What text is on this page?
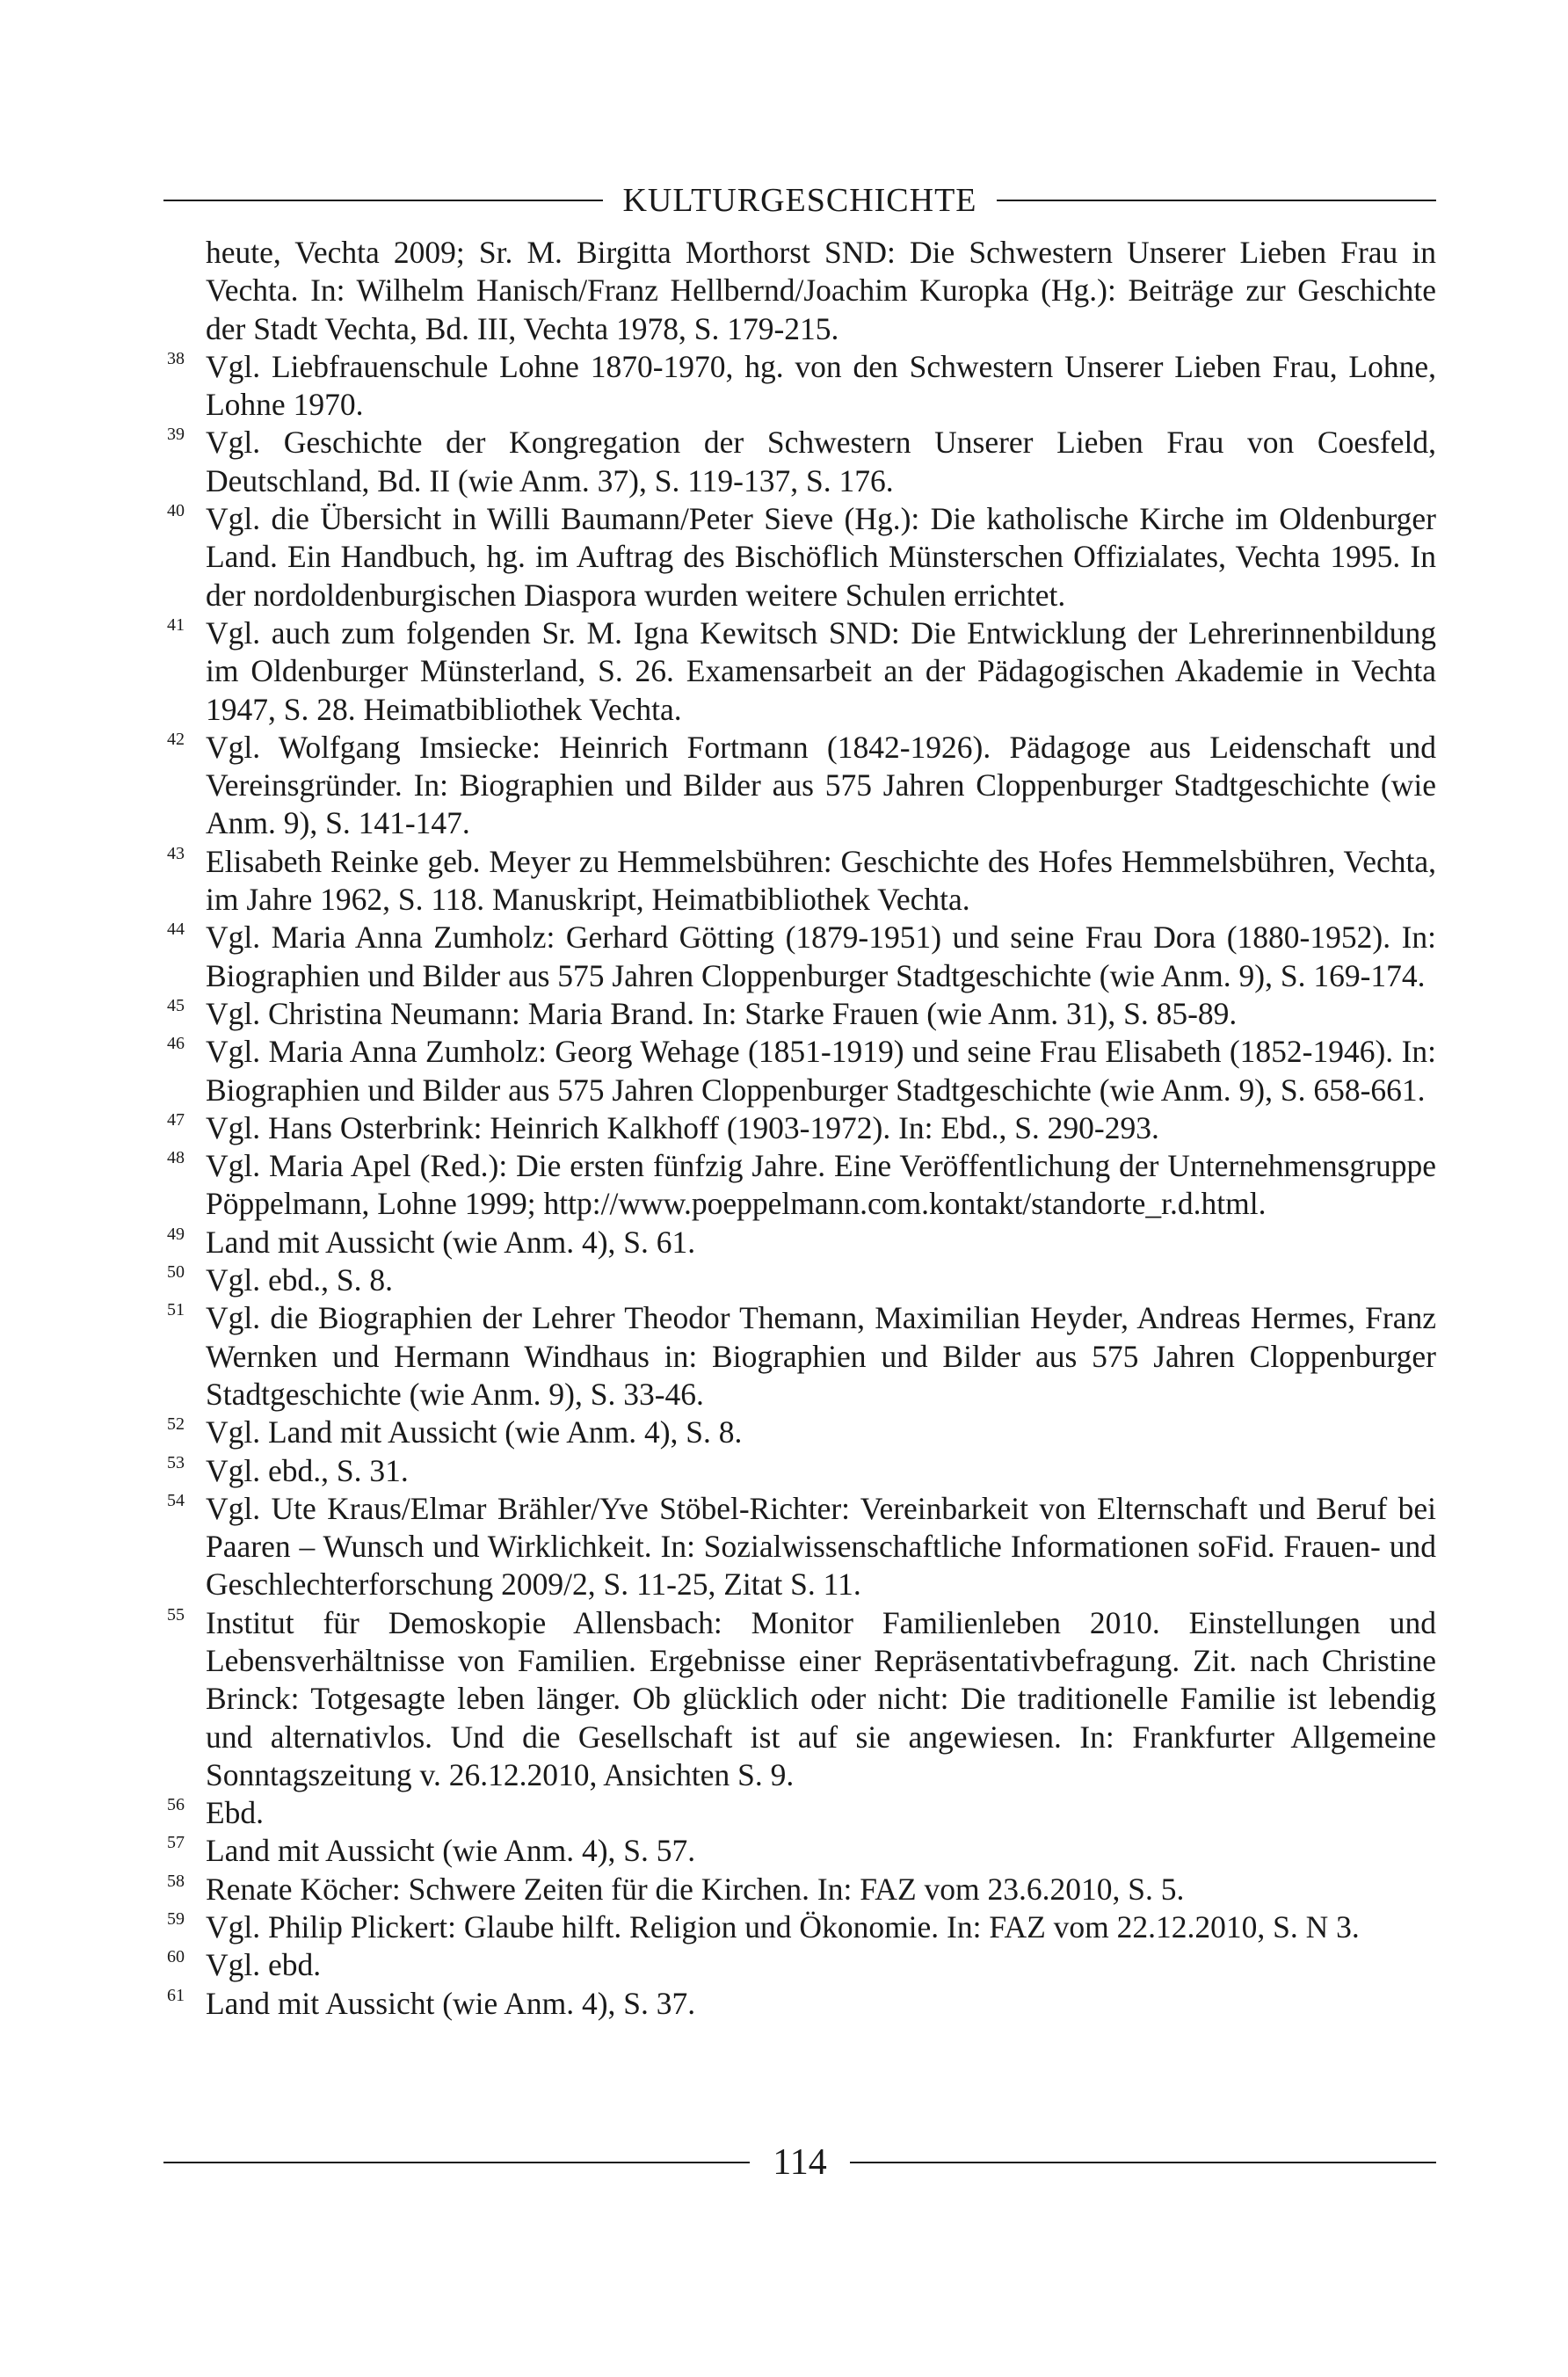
KULTURGESCHICHTE
heute, Vechta 2009; Sr. M. Birgitta Morthorst SND: Die Schwestern Unserer Lieben Frau in Vechta. In: Wilhelm Hanisch/Franz Hellbernd/Joachim Kuropka (Hg.): Beiträge zur Geschichte der Stadt Vechta, Bd. III, Vechta 1978, S. 179-215.
38 Vgl. Liebfrauenschule Lohne 1870-1970, hg. von den Schwestern Unserer Lieben Frau, Lohne, Lohne 1970.
39 Vgl. Geschichte der Kongregation der Schwestern Unserer Lieben Frau von Coesfeld, Deutschland, Bd. II (wie Anm. 37), S. 119-137, S. 176.
40 Vgl. die Übersicht in Willi Baumann/Peter Sieve (Hg.): Die katholische Kirche im Oldenburger Land. Ein Handbuch, hg. im Auftrag des Bischöflich Münsterschen Offizialates, Vechta 1995. In der nordoldenburgischen Diaspora wurden weitere Schulen errichtet.
41 Vgl. auch zum folgenden Sr. M. Igna Kewitsch SND: Die Entwicklung der Lehrerinnenbildung im Oldenburger Münsterland, S. 26. Examensarbeit an der Pädagogischen Akademie in Vechta 1947, S. 28. Heimatbibliothek Vechta.
42 Vgl. Wolfgang Imsiecke: Heinrich Fortmann (1842-1926). Pädagoge aus Leidenschaft und Vereinsgründer. In: Biographien und Bilder aus 575 Jahren Cloppenburger Stadtgeschichte (wie Anm. 9), S. 141-147.
43 Elisabeth Reinke geb. Meyer zu Hemmelsbühren: Geschichte des Hofes Hemmelsbühren, Vechta, im Jahre 1962, S. 118. Manuskript, Heimatbibliothek Vechta.
44 Vgl. Maria Anna Zumholz: Gerhard Götting (1879-1951) und seine Frau Dora (1880-1952). In: Biographien und Bilder aus 575 Jahren Cloppenburger Stadtgeschichte (wie Anm. 9), S. 169-174.
45 Vgl. Christina Neumann: Maria Brand. In: Starke Frauen (wie Anm. 31), S. 85-89.
46 Vgl. Maria Anna Zumholz: Georg Wehage (1851-1919) und seine Frau Elisabeth (1852-1946). In: Biographien und Bilder aus 575 Jahren Cloppenburger Stadtgeschichte (wie Anm. 9), S. 658-661.
47 Vgl. Hans Osterbrink: Heinrich Kalkhoff (1903-1972). In: Ebd., S. 290-293.
48 Vgl. Maria Apel (Red.): Die ersten fünfzig Jahre. Eine Veröffentlichung der Unternehmensgruppe Pöppelmann, Lohne 1999; http://www.poeppelmann.com.kontakt/standorte_r.d.html.
49 Land mit Aussicht (wie Anm. 4), S. 61.
50 Vgl. ebd., S. 8.
51 Vgl. die Biographien der Lehrer Theodor Themann, Maximilian Heyder, Andreas Hermes, Franz Wernken und Hermann Windhaus in: Biographien und Bilder aus 575 Jahren Cloppenburger Stadtgeschichte (wie Anm. 9), S. 33-46.
52 Vgl. Land mit Aussicht (wie Anm. 4), S. 8.
53 Vgl. ebd., S. 31.
54 Vgl. Ute Kraus/Elmar Brähler/Yve Stöbel-Richter: Vereinbarkeit von Elternschaft und Beruf bei Paaren – Wunsch und Wirklichkeit. In: Sozialwissenschaftliche Informationen soFid. Frauen- und Geschlechterforschung 2009/2, S. 11-25, Zitat S. 11.
55 Institut für Demoskopie Allensbach: Monitor Familienleben 2010. Einstellungen und Lebensverhältnisse von Familien. Ergebnisse einer Repräsentativbefragung. Zit. nach Christine Brinck: Totgesagte leben länger. Ob glücklich oder nicht: Die traditionelle Familie ist lebendig und alternativlos. Und die Gesellschaft ist auf sie angewiesen. In: Frankfurter Allgemeine Sonntagszeitung v. 26.12.2010, Ansichten S. 9.
56 Ebd.
57 Land mit Aussicht (wie Anm. 4), S. 57.
58 Renate Köcher: Schwere Zeiten für die Kirchen. In: FAZ vom 23.6.2010, S. 5.
59 Vgl. Philip Plickert: Glaube hilft. Religion und Ökonomie. In: FAZ vom 22.12.2010, S. N 3.
60 Vgl. ebd.
61 Land mit Aussicht (wie Anm. 4), S. 37.
114
